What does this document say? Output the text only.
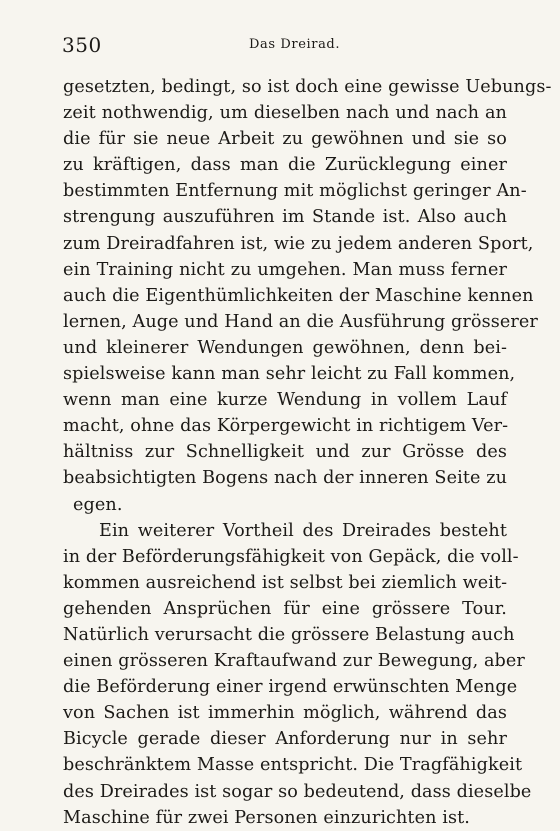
350	Das Dreirad.
gesetzten, bedingt, so ist doch eine gewisse Uebungs-
zeit nothwendig, um dieselben nach und nach an
die für sie neue Arbeit zu gewöhnen und sie so
zu kräftigen, dass man die Zurücklegung einer
bestimmten Entfernung mit möglichst geringer An-
strengung auszuführen im Stande ist. Also auch
zum Dreiradfahren ist, wie zu jedem anderen Sport,
ein Training nicht zu umgehen. Man muss ferner
auch die Eigenthümlichkeiten der Maschine kennen
lernen, Auge und Hand an die Ausführung grösserer
und kleinerer Wendungen gewöhnen, denn bei-
spielsweise kann man sehr leicht zu Fall kommen,
wenn man eine kurze Wendung in vollem Lauf
macht, ohne das Körpergewicht in richtigem Ver-
hältniss zur Schnelligkeit und zur Grösse des
beabsichtigten Bogens nach der inneren Seite zu
egen.
Ein weiterer Vortheil des Dreirades besteht
in der Beförderungsfähigkeit von Gepäck, die voll-
kommen ausreichend ist selbst bei ziemlich weit-
gehenden Ansprüchen für eine grössere Tour.
Natürlich verursacht die grössere Belastung auch
einen grösseren Kraftaufwand zur Bewegung, aber
die Beförderung einer irgend erwünschten Menge
von Sachen ist immerhin möglich, während das
Bicycle gerade dieser Anforderung nur in sehr
beschränktem Masse entspricht. Die Tragfähigkeit
des Dreirades ist sogar so bedeutend, dass dieselbe
Maschine für zwei Personen einzurichten ist.
